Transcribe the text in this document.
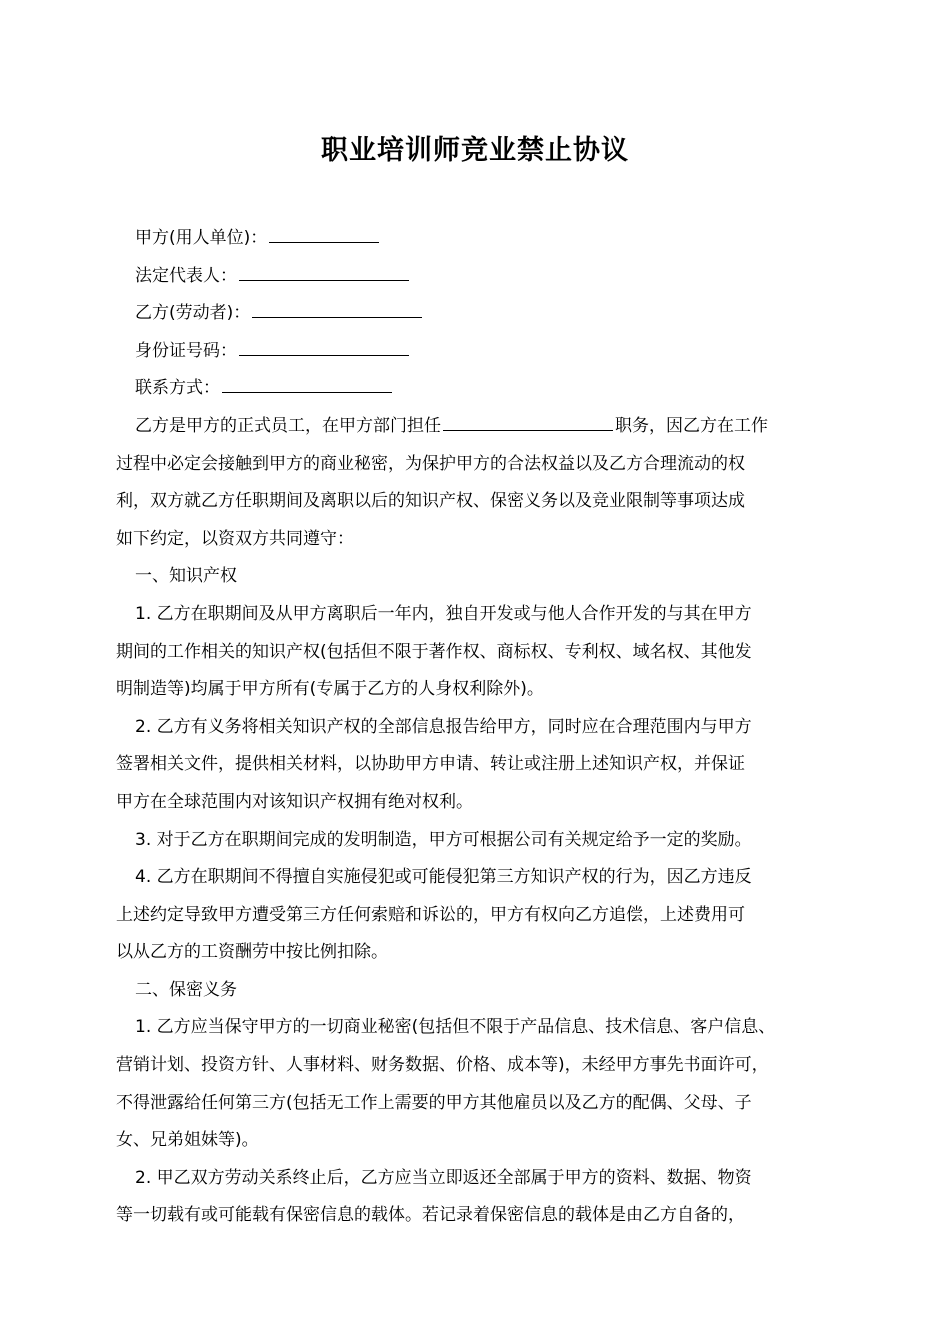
职业培训师竞业禁止协议
甲方(用人单位)：
法定代表人：
乙方(劳动者)：
身份证号码：
联系方式：
乙方是甲方的正式员工，在甲方部门担任	职务，因乙方在工作
过程中必定会接触到甲方的商业秘密，为保护甲方的合法权益以及乙方合理流动的权
利，双方就乙方任职期间及离职以后的知识产权、保密义务以及竞业限制等事项达成
如下约定，以资双方共同遵守：
一、知识产权
1. 乙方在职期间及从甲方离职后一年内，独自开发或与他人合作开发的与其在甲方
期间的工作相关的知识产权(包括但不限于著作权、商标权、专利权、域名权、其他发
明制造等)均属于甲方所有(专属于乙方的人身权利除外)。
2. 乙方有义务将相关知识产权的全部信息报告给甲方，同时应在合理范围内与甲方
签署相关文件，提供相关材料，以协助甲方申请、转让或注册上述知识产权，并保证
甲方在全球范围内对该知识产权拥有绝对权利。
3. 对于乙方在职期间完成的发明制造，甲方可根据公司有关规定给予一定的奖励。
4. 乙方在职期间不得擅自实施侵犯或可能侵犯第三方知识产权的行为，因乙方违反
上述约定导致甲方遭受第三方任何索赔和诉讼的，甲方有权向乙方追偿，上述费用可
以从乙方的工资酬劳中按比例扣除。
二、保密义务
1. 乙方应当保守甲方的一切商业秘密(包括但不限于产品信息、技术信息、客户信息、
营销计划、投资方针、人事材料、财务数据、价格、成本等)，未经甲方事先书面许可，
不得泄露给任何第三方(包括无工作上需要的甲方其他雇员以及乙方的配偶、父母、子
女、兄弟姐妹等)。
2. 甲乙双方劳动关系终止后，乙方应当立即返还全部属于甲方的资料、数据、物资
等一切载有或可能载有保密信息的载体。若记录着保密信息的载体是由乙方自备的，
